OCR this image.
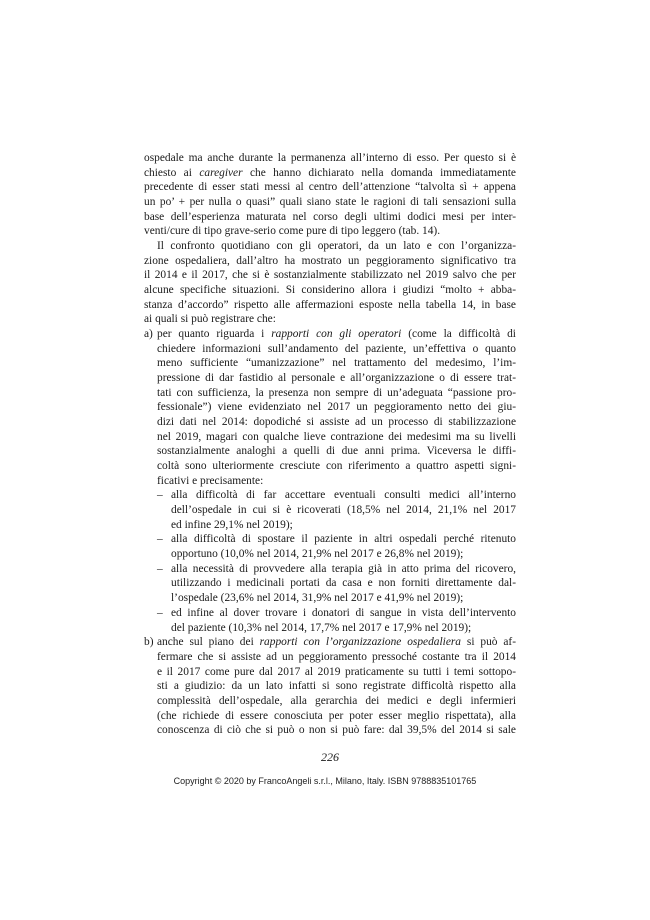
ospedale ma anche durante la permanenza all’interno di esso. Per questo si è
chiesto ai caregiver che hanno dichiarato nella domanda immediatamente
precedente di esser stati messi al centro dell’attenzione “talvolta sì + appena
un po’ + per nulla o quasi” quali siano state le ragioni di tali sensazioni sulla
base dell’esperienza maturata nel corso degli ultimi dodici mesi per inter-
venti/cure di tipo grave-serio come pure di tipo leggero (tab. 14).
Il confronto quotidiano con gli operatori, da un lato e con l’organizza-
zione ospedaliera, dall’altro ha mostrato un peggioramento significativo tra
il 2014 e il 2017, che si è sostanzialmente stabilizzato nel 2019 salvo che per
alcune specifiche situazioni. Si considerino allora i giudizi “molto + abba-
stanza d’accordo” rispetto alle affermazioni esposte nella tabella 14, in base
ai quali si può registrare che:
a) per quanto riguarda i rapporti con gli operatori (come la difficoltà di
chiedere informazioni sull’andamento del paziente, un’effettiva o quanto
meno sufficiente “umanizzazione” nel trattamento del medesimo, l’im-
pressione di dar fastidio al personale e all’organizzazione o di essere trat-
tati con sufficienza, la presenza non sempre di un’adeguata “passione pro-
fessionale”) viene evidenziato nel 2017 un peggioramento netto dei giu-
dizi dati nel 2014: dopodiché si assiste ad un processo di stabilizzazione
nel 2019, magari con qualche lieve contrazione dei medesimi ma su livelli
sostanzialmente analoghi a quelli di due anni prima. Viceversa le diffi-
coltà sono ulteriormente cresciute con riferimento a quattro aspetti signi-
ficativi e precisamente:
– alla difficoltà di far accettare eventuali consulti medici all’interno
dell’ospedale in cui si è ricoverati (18,5% nel 2014, 21,1% nel 2017
ed infine 29,1% nel 2019);
– alla difficoltà di spostare il paziente in altri ospedali perché ritenuto
opportuno (10,0% nel 2014, 21,9% nel 2017 e 26,8% nel 2019);
– alla necessità di provvedere alla terapia già in atto prima del ricovero,
utilizzando i medicinali portati da casa e non forniti direttamente dal-
l’ospedale (23,6% nel 2014, 31,9% nel 2017 e 41,9% nel 2019);
– ed infine al dover trovare i donatori di sangue in vista dell’intervento
del paziente (10,3% nel 2014, 17,7% nel 2017 e 17,9% nel 2019);
b) anche sul piano dei rapporti con l’organizzazione ospedaliera si può af-
fermare che si assiste ad un peggioramento pressoché costante tra il 2014
e il 2017 come pure dal 2017 al 2019 praticamente su tutti i temi sottopo-
sti a giudizio: da un lato infatti si sono registrate difficoltà rispetto alla
complessità dell’ospedale, alla gerarchia dei medici e degli infermieri
(che richiede di essere conosciuta per poter esser meglio rispettata), alla
conoscenza di ciò che si può o non si può fare: dal 39,5% del 2014 si sale
226
Copyright © 2020 by FrancoAngeli s.r.l., Milano, Italy. ISBN 9788835101765
